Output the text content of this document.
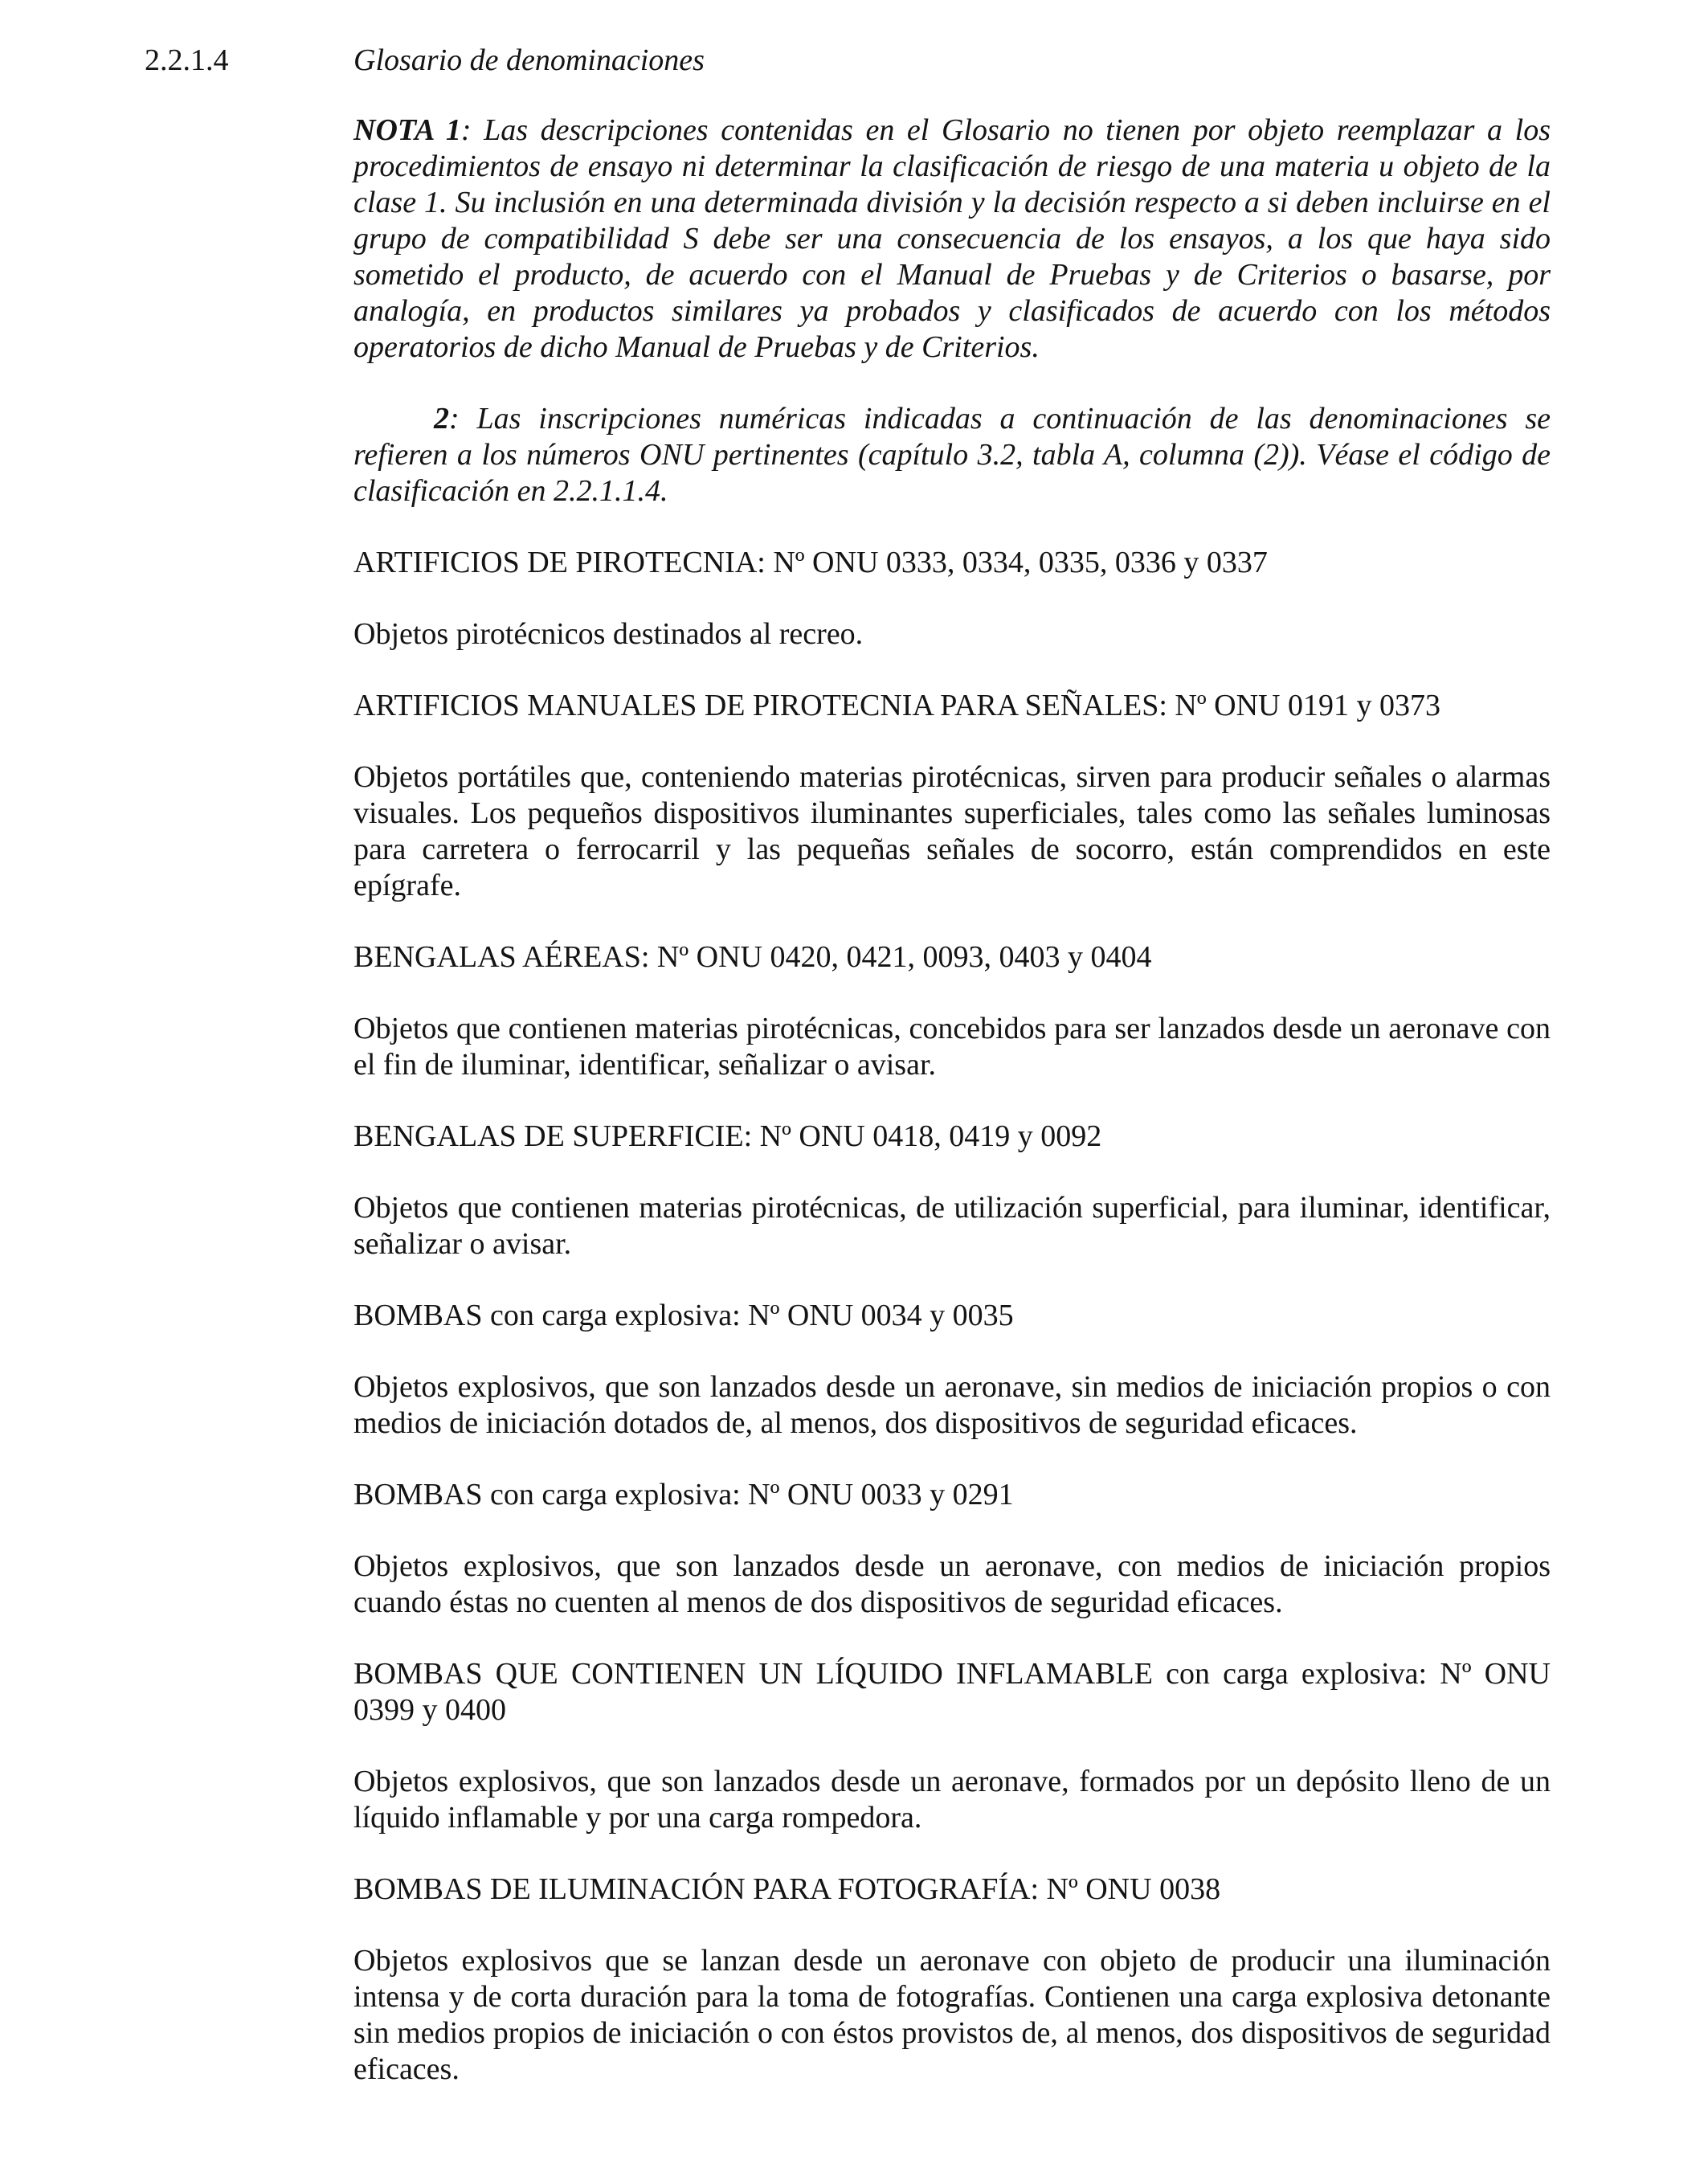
2.2.1.4	Glosario de denominaciones

NOTA 1: Las descripciones contenidas en el Glosario no tienen por objeto reemplazar a los procedimientos de ensayo ni determinar la clasificación de riesgo de una materia u objeto de la clase 1. Su inclusión en una determinada división y la decisión respecto a si deben incluirse en el grupo de compatibilidad S debe ser una consecuencia de los ensayos, a los que haya sido sometido el producto, de acuerdo con el Manual de Pruebas y de Criterios o basarse, por analogía, en productos similares ya probados y clasificados de acuerdo con los métodos operatorios de dicho Manual de Pruebas y de Criterios.

2: Las inscripciones numéricas indicadas a continuación de las denominaciones se refieren a los números ONU pertinentes (capítulo 3.2, tabla A, columna (2)). Véase el código de clasificación en 2.2.1.1.4.

ARTIFICIOS DE PIROTECNIA: Nº ONU 0333, 0334, 0335, 0336 y 0337

Objetos pirotécnicos destinados al recreo.

ARTIFICIOS MANUALES DE PIROTECNIA PARA SEÑALES: Nº ONU 0191 y 0373

Objetos portátiles que, conteniendo materias pirotécnicas, sirven para producir señales o alarmas visuales. Los pequeños dispositivos iluminantes superficiales, tales como las señales luminosas para carretera o ferrocarril y las pequeñas señales de socorro, están comprendidos en este epígrafe.

BENGALAS AÉREAS: Nº ONU 0420, 0421, 0093, 0403 y 0404

Objetos que contienen materias pirotécnicas, concebidos para ser lanzados desde un aeronave con el fin de iluminar, identificar, señalizar o avisar.

BENGALAS DE SUPERFICIE: Nº ONU 0418, 0419 y 0092

Objetos que contienen materias pirotécnicas, de utilización superficial, para iluminar, identificar, señalizar o avisar.

BOMBAS con carga explosiva: Nº ONU 0034 y 0035

Objetos explosivos, que son lanzados desde un aeronave, sin medios de iniciación propios o con medios de iniciación dotados de, al menos, dos dispositivos de seguridad eficaces.

BOMBAS con carga explosiva: Nº ONU 0033 y 0291

Objetos explosivos, que son lanzados desde un aeronave, con medios de iniciación propios cuando éstas no cuenten al menos de dos dispositivos de seguridad eficaces.

BOMBAS QUE CONTIENEN UN LÍQUIDO INFLAMABLE con carga explosiva: Nº ONU 0399 y 0400

Objetos explosivos, que son lanzados desde un aeronave, formados por un depósito lleno de un líquido inflamable y por una carga rompedora.

BOMBAS DE ILUMINACIÓN PARA FOTOGRAFÍA: Nº ONU 0038

Objetos explosivos que se lanzan desde un aeronave con objeto de producir una iluminación intensa y de corta duración para la toma de fotografías. Contienen una carga explosiva detonante sin medios propios de iniciación o con éstos provistos de, al menos, dos dispositivos de seguridad eficaces.
